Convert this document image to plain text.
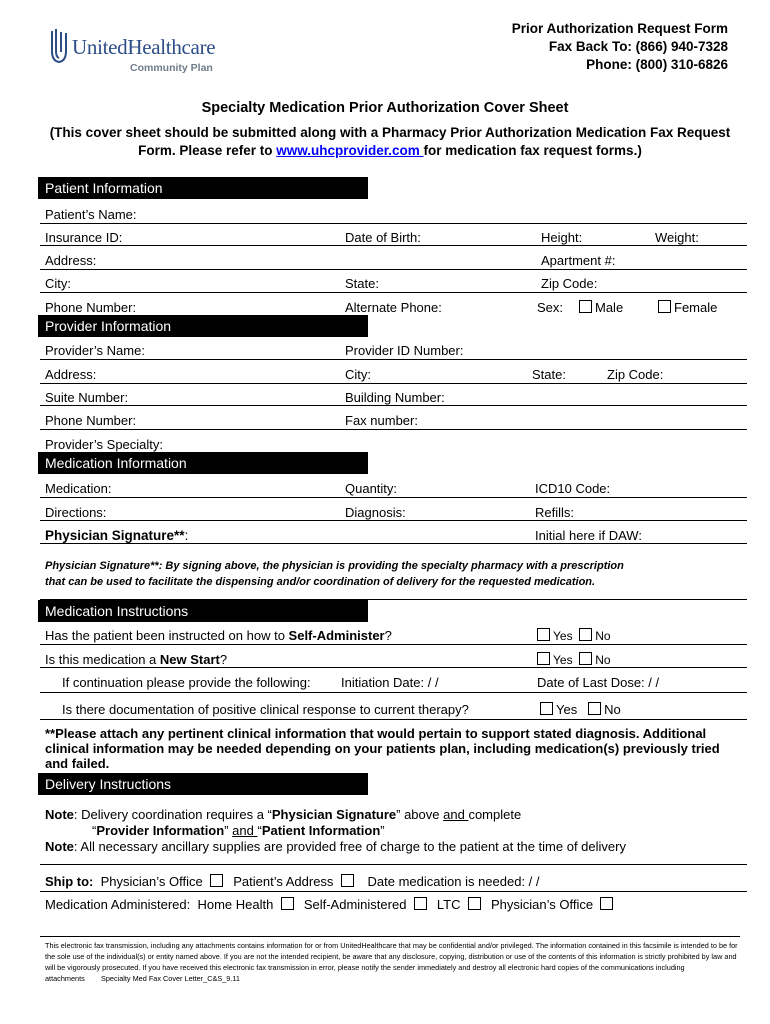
UnitedHealthcare
Community Plan
Prior Authorization Request Form
Fax Back To: (866) 940-7328
Phone: (800) 310-6826
Specialty Medication Prior Authorization Cover Sheet
(This cover sheet should be submitted along with a Pharmacy Prior Authorization Medication Fax Request Form. Please refer to www.uhcprovider.com for medication fax request forms.)
Patient Information
Patient’s Name:
Insurance ID:	Date of Birth:	Height:	Weight:
Address:	Apartment #:
City:	State:	Zip Code:
Phone Number:	Alternate Phone:	Sex:	Male	Female
Provider Information
Provider’s Name:	Provider ID Number:
Address:	City:	State:	Zip Code:
Suite Number:	Building Number:
Phone Number:	Fax number:
Provider’s Specialty:
Medication Information
Medication:	Quantity:	ICD10 Code:
Directions:	Diagnosis:	Refills:
Physician Signature**:	Initial here if DAW:
Physician Signature**: By signing above, the physician is providing the specialty pharmacy with a prescription
that can be used to facilitate the dispensing and/or coordination of delivery for the requested medication.
Medication Instructions
Has the patient been instructed on how to Self-Administer?	Yes No
Is this medication a New Start?	Yes No
If continuation please provide the following: Initiation Date: / /	Date of Last Dose: / /
Is there documentation of positive clinical response to current therapy?	Yes No
**Please attach any pertinent clinical information that would pertain to support stated diagnosis. Additional clinical information may be needed depending on your patients plan, including medication(s) previously tried and failed.
Delivery Instructions
Note: Delivery coordination requires a “Physician Signature” above and complete
“Provider Information” and “Patient Information”
Note: All necessary ancillary supplies are provided free of charge to the patient at the time of delivery
Ship to: Physician’s Office Patient’s Address	Date medication is needed: / /
Medication Administered: Home Health Self-Administered LTC Physician’s Office
This electronic fax transmission, including any attachments contains information for or from UnitedHealthcare that may be confidential and/or privileged. The information contained in this facsimile is intended to be for the sole use of the individual(s) or entity named above. If you are not the intended recipient, be aware that any disclosure, copying, distribution or use of the contents of this information is strictly prohibited by law and will be vigorously prosecuted. If you have received this electronic fax transmission in error, please notify the sender immediately and destroy all electronic hard copies of the communications including attachments Specialty Med Fax Cover Letter_C&S_9.11
